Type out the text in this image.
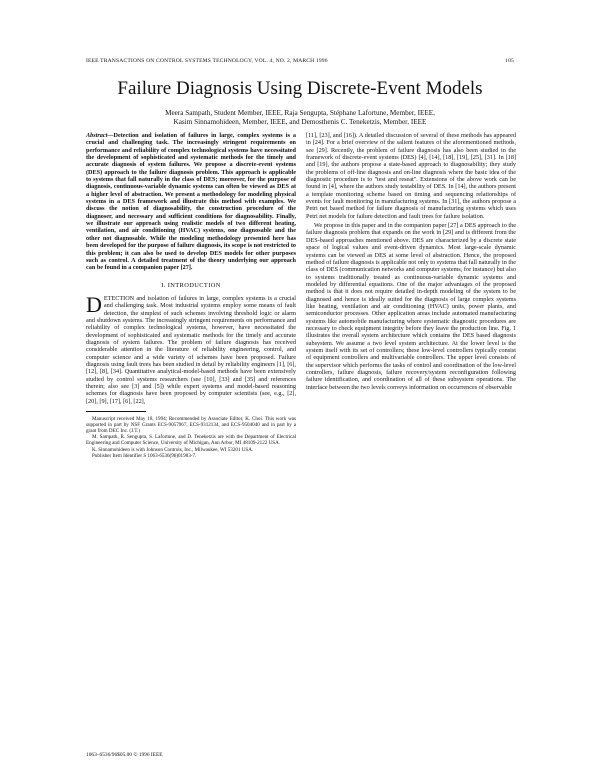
IEEE TRANSACTIONS ON CONTROL SYSTEMS TECHNOLOGY, VOL. 4, NO. 2, MARCH 1996	105
Failure Diagnosis Using Discrete-Event Models
Meera Sampath, Student Member, IEEE, Raja Sengupta, Stéphane Lafortune, Member, IEEE,
Kasim Sinnamohideen, Member, IEEE, and Demosthenis C. Teneketzis, Member, IEEE

Abstract—Detection and isolation of failures in large, complex systems is a crucial and challenging task. The increasingly stringent requirements on performance and reliability of complex technological systems have necessitated the development of sophisticated and systematic methods for the timely and accurate diagnosis of system failures. We propose a discrete-event systems (DES) approach to the failure diagnosis problem. This approach is applicable to systems that fall naturally in the class of DES; moreover, for the purpose of diagnosis, continuous-variable dynamic systems can often be viewed as DES at a higher level of abstraction. We present a methodology for modeling physical systems in a DES framework and illustrate this method with examples. We discuss the notion of diagnosability, the construction procedure of the diagnoser, and necessary and sufficient conditions for diagnosability. Finally, we illustrate our approach using realistic models of two different heating, ventilation, and air conditioning (HVAC) systems, one diagnosable and the other not diagnosable. While the modeling methodology presented here has been developed for the purpose of failure diagnosis, its scope is not restricted to this problem; it can also be used to develop DES models for other purposes such as control. A detailed treatment of the theory underlying our approach can be found in a companion paper [27].

I. INTRODUCTION

DETECTION and isolation of failures in large, complex systems is a crucial and challenging task. Most industrial systems employ some means of fault detection, the simplest of such schemes involving threshold logic or alarm and shutdown systems. The increasingly stringent requirements on performance and reliability of complex technological systems, however, have necessitated the development of sophisticated and systematic methods for the timely and accurate diagnosis of system failures. The problem of failure diagnosis has received considerable attention in the literature of reliability engineering, control, and computer science and a wide variety of schemes have been proposed. Failure diagnosis using fault trees has been studied in detail by reliability engineers [1], [6], [12], [8], [34]. Quantitative analytical-model-based methods have been extensively studied by control systems researchers (see [10], [33] and [35] and references therein; also see [3] and [5]) while expert systems and model-based reasoning schemes for diagnosis have been proposed by computer scientists (see, e.g., [2], [20], [9], [17], [6], [22],

Manuscript received May 18, 1994; Recommended by Associate Editor, K. Choi. This work was supported in part by NSF Grants ECS-9057967, ECS-9312134, and ECS-9504040 and in part by a grant from DEC Inc. (J.T.)

M. Sampath, R. Sengupta, S. Lafortune, and D. Teneketzis are with the Department of Electrical Engineering and Computer Science, University of Michigan, Ann Arbor, MI 48109-2122 USA.

K. Sinnamohideen is with Johnson Controls, Inc., Milwaukee, WI 53201 USA.

Publisher Item Identifier S 1063-6536(96)01983-7.

[11], [23], and [16]). A detailed discussion of several of these methods has appeared in [24]. For a brief overview of the salient features of the aforementioned methods, see [29]. Recently, the problem of failure diagnosis has also been studied in the framework of discrete-event systems (DES) [4], [14], [18], [19], [25], [31]. In [18] and [19], the authors propose a state-based approach to diagnosability; they study the problems of off-line diagnosis and on-line diagnosis where the basic idea of the diagnostic procedure is to "test and reseat". Extensions of the above work can be found in [4], where the authors study testability of DES. In [14], the authors present a template monitoring scheme based on timing and sequencing relationships of events for fault monitoring in manufacturing systems. In [31], the authors propose a Petri net based method for failure diagnosis of manufacturing systems which uses Petri net models for failure detection and fault trees for failure isolation.

We propose in this paper and in the companion paper [27] a DES approach to the failure diagnosis problem that expands on the work in [29] and is different from the DES-based approaches mentioned above. DES are characterized by a discrete state space of logical values and event-driven dynamics. Most large-scale dynamic systems can be viewed as DES at some level of abstraction. Hence, the proposed method of failure diagnosis is applicable not only to systems that fall naturally in the class of DES (communication networks and computer systems, for instance) but also to systems traditionally treated as continuous-variable dynamic systems and modeled by differential equations. One of the major advantages of the proposed method is that it does not require detailed in-depth modeling of the system to be diagnosed and hence is ideally suited for the diagnosis of large complex systems like heating, ventilation and air conditioning (HVAC) units, power plants, and semiconductor processes. Other application areas include automated manufacturing systems like automobile manufacturing where systematic diagnostic procedures are necessary to check equipment integrity before they leave the production line. Fig. 1 illustrates the overall system architecture which contains the DES based diagnosis subsystem. We assume a two level system architecture. At the lower level is the system itself with its set of controllers; these low-level controllers typically consist of equipment controllers and multivariable controllers. The upper level consists of the supervisor which performs the tasks of control and coordination of the low-level controllers, failure diagnosis, failure recovery/system reconfiguration following failure identification, and coordination of all of these subsystem operations. The interface between the two levels conveys information on occurrences of observable

1063–6536/96$05.00 © 1996 IEEE
